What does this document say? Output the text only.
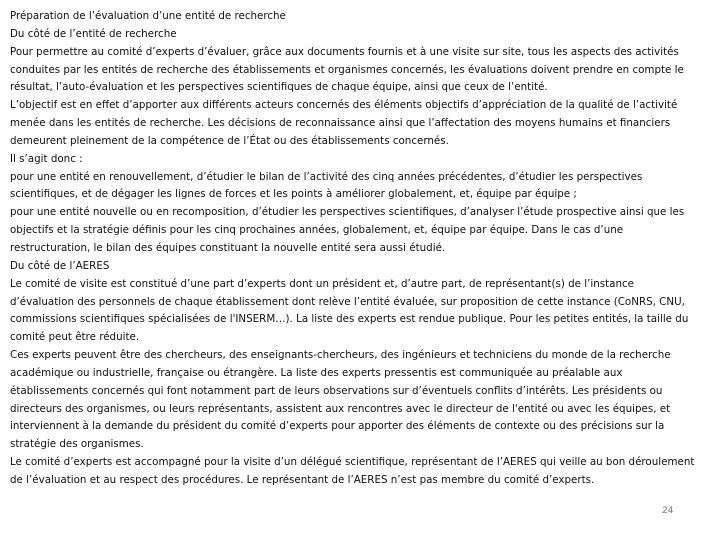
Préparation de l’évaluation d’une entité de recherche

Du côté de l’entité de recherche

Pour permettre au comité d’experts d’évaluer, grâce aux documents fournis et à une visite sur site, tous les aspects des activités conduites par les entités de recherche des établissements et organismes concernés, les évaluations doivent prendre en compte le résultat, l’auto-évaluation et les perspectives scientifiques de chaque équipe, ainsi que ceux de l’entité.

L’objectif est en effet d’apporter aux différents acteurs concernés des éléments objectifs d’appréciation de la qualité de l’activité menée dans les entités de recherche. Les décisions de reconnaissance ainsi que l’affectation des moyens humains et financiers demeurent pleinement de la compétence de l’État ou des établissements concernés.

Il s’agit donc :

pour une entité en renouvellement, d’étudier le bilan de l’activité des cinq années précédentes, d’étudier les perspectives scientifiques, et de dégager les lignes de forces et les points à améliorer globalement, et, équipe par équipe ;

pour une entité nouvelle ou en recomposition, d’étudier les perspectives scientifiques, d’analyser l’étude prospective ainsi que les objectifs et la stratégie définis pour les cinq prochaines années, globalement, et, équipe par équipe. Dans le cas d’une restructuration, le bilan des équipes constituant la nouvelle entité sera aussi étudié.

Du côté de l’AERES

Le comité de visite est constitué d’une part d’experts dont un président et, d’autre part, de représentant(s) de l’instance d’évaluation des personnels de chaque établissement dont relève l’entité évaluée, sur proposition de cette instance (CoNRS, CNU, commissions scientifiques spécialisées de l'INSERM…). La liste des experts est rendue publique. Pour les petites entités, la taille du comité peut être réduite.

Ces experts peuvent être des chercheurs, des enseignants-chercheurs, des ingénieurs et techniciens du monde de la recherche académique ou industrielle, française ou étrangère. La liste des experts pressentis est communiquée au préalable aux établissements concernés qui font notamment part de leurs observations sur d’éventuels conflits d’intérêts. Les présidents ou directeurs des organismes, ou leurs représentants, assistent aux rencontres avec le directeur de l'entité ou avec les équipes, et interviennent à la demande du président du comité d’experts pour apporter des éléments de contexte ou des précisions sur la stratégie des organismes.

Le comité d’experts est accompagné pour la visite d’un délégué scientifique, représentant de l’AERES qui veille au bon déroulement de l’évaluation et au respect des procédures. Le représentant de l’AERES n’est pas membre du comité d’experts.

24
